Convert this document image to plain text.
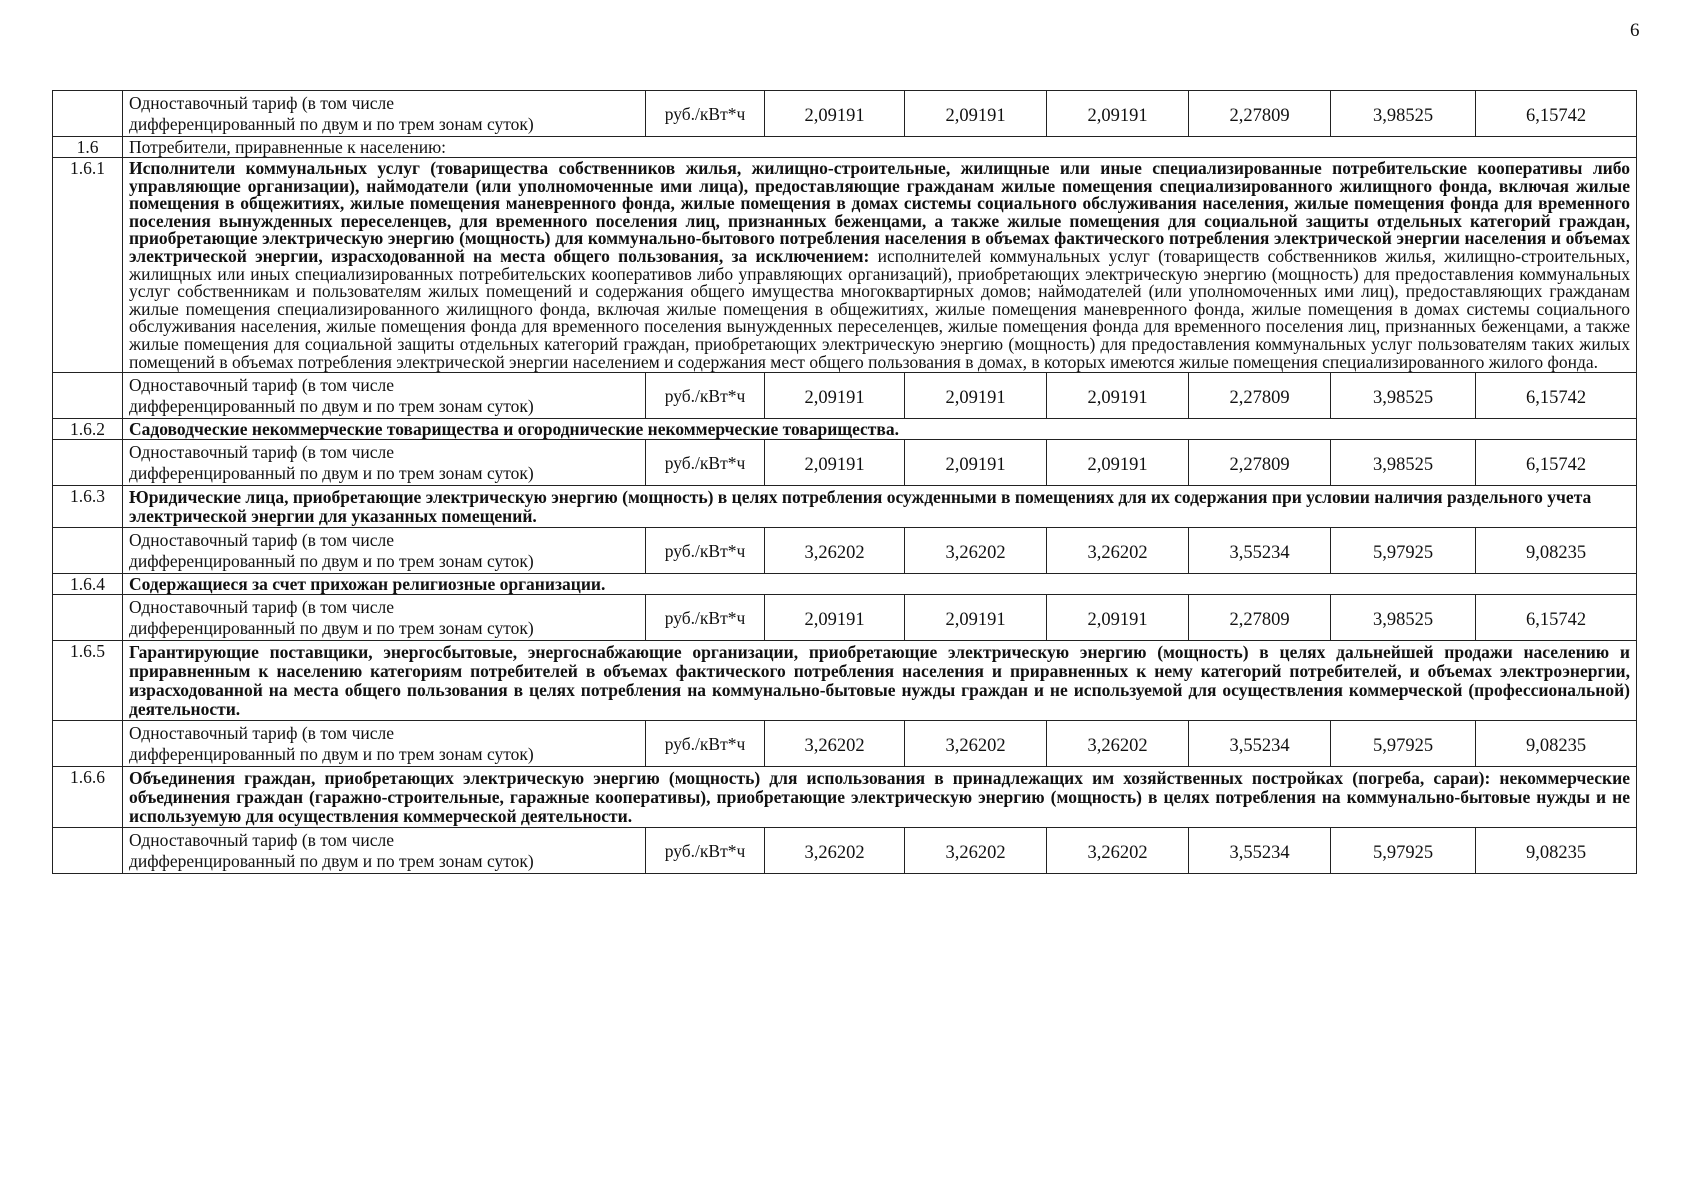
6
	Одноставочный тариф (в том числе
дифференцированный по двум и по трем зонам суток)	руб./кВт*ч	2,09191	2,09191	2,09191	2,27809	3,98525	6,15742
1.6	Потребители, приравненные к населению:							
1.6.1	Исполнители коммунальных услуг (товарищества собственников жилья, жилищно-строительные, жилищные или иные специализированные потребительские кооперативы либо управляющие организации), наймодатели (или уполномоченные ими лица), предоставляющие гражданам жилые помещения специализированного жилищного фонда, включая жилые помещения в общежитиях, жилые помещения маневренного фонда, жилые помещения в домах системы социального обслуживания населения, жилые помещения фонда для временного поселения вынужденных переселенцев, для временного поселения лиц, признанных беженцами, а также жилые помещения для социальной защиты отдельных категорий граждан, приобретающие электрическую энергию (мощность) для коммунально-бытового потребления населения в объемах фактического потребления электрической энергии населения и объемах электрической энергии, израсходованной на места общего пользования, за исключением: исполнителей коммунальных услуг (товариществ собственников жилья, жилищно-строительных, жилищных или иных специализированных потребительских кооперативов либо управляющих организаций), приобретающих электрическую энергию (мощность) для предоставления коммунальных услуг собственникам и пользователям жилых помещений и содержания общего имущества многоквартирных домов; наймодателей (или уполномоченных ими лиц), предоставляющих гражданам жилые помещения специализированного жилищного фонда, включая жилые помещения в общежитиях, жилые помещения маневренного фонда, жилые помещения в домах системы социального обслуживания населения, жилые помещения фонда для временного поселения вынужденных переселенцев, жилые помещения фонда для временного поселения лиц, признанных беженцами, а также жилые помещения для социальной защиты отдельных категорий граждан, приобретающих электрическую энергию (мощность) для предоставления коммунальных услуг пользователям таких жилых помещений в объемах потребления электрической энергии населением и содержания мест общего пользования в домах, в которых имеются жилые помещения специализированного жилого фонда.							
	Одноставочный тариф (в том числе
дифференцированный по двум и по трем зонам суток)	руб./кВт*ч	2,09191	2,09191	2,09191	2,27809	3,98525	6,15742
1.6.2	Садоводческие некоммерческие товарищества и огороднические некоммерческие товарищества.							
	Одноставочный тариф (в том числе
дифференцированный по двум и по трем зонам суток)	руб./кВт*ч	2,09191	2,09191	2,09191	2,27809	3,98525	6,15742
1.6.3	Юридические лица, приобретающие электрическую энергию (мощность) в целях потребления осужденными в помещениях для их содержания при условии наличия раздельного учета электрической энергии для указанных помещений.							
	Одноставочный тариф (в том числе
дифференцированный по двум и по трем зонам суток)	руб./кВт*ч	3,26202	3,26202	3,26202	3,55234	5,97925	9,08235
1.6.4	Содержащиеся за счет прихожан религиозные организации.							
	Одноставочный тариф (в том числе
дифференцированный по двум и по трем зонам суток)	руб./кВт*ч	2,09191	2,09191	2,09191	2,27809	3,98525	6,15742
1.6.5	Гарантирующие поставщики, энергосбытовые, энергоснабжающие организации, приобретающие электрическую энергию (мощность) в целях дальнейшей продажи населению и приравненным к населению категориям потребителей в объемах фактического потребления населения и приравненных к нему категорий потребителей, и объемах электроэнергии, израсходованной на места общего пользования в целях потребления на коммунально-бытовые нужды граждан и не используемой для осуществления коммерческой (профессиональной) деятельности.							
	Одноставочный тариф (в том числе
дифференцированный по двум и по трем зонам суток)	руб./кВт*ч	3,26202	3,26202	3,26202	3,55234	5,97925	9,08235
1.6.6	Объединения граждан, приобретающих электрическую энергию (мощность) для использования в принадлежащих им хозяйственных постройках (погреба, сараи): некоммерческие объединения граждан (гаражно-строительные, гаражные кооперативы), приобретающие электрическую энергию (мощность) в целях потребления на коммунально-бытовые нужды и не используемую для осуществления коммерческой деятельности.							
	Одноставочный тариф (в том числе
дифференцированный по двум и по трем зонам суток)	руб./кВт*ч	3,26202	3,26202	3,26202	3,55234	5,97925	9,08235
